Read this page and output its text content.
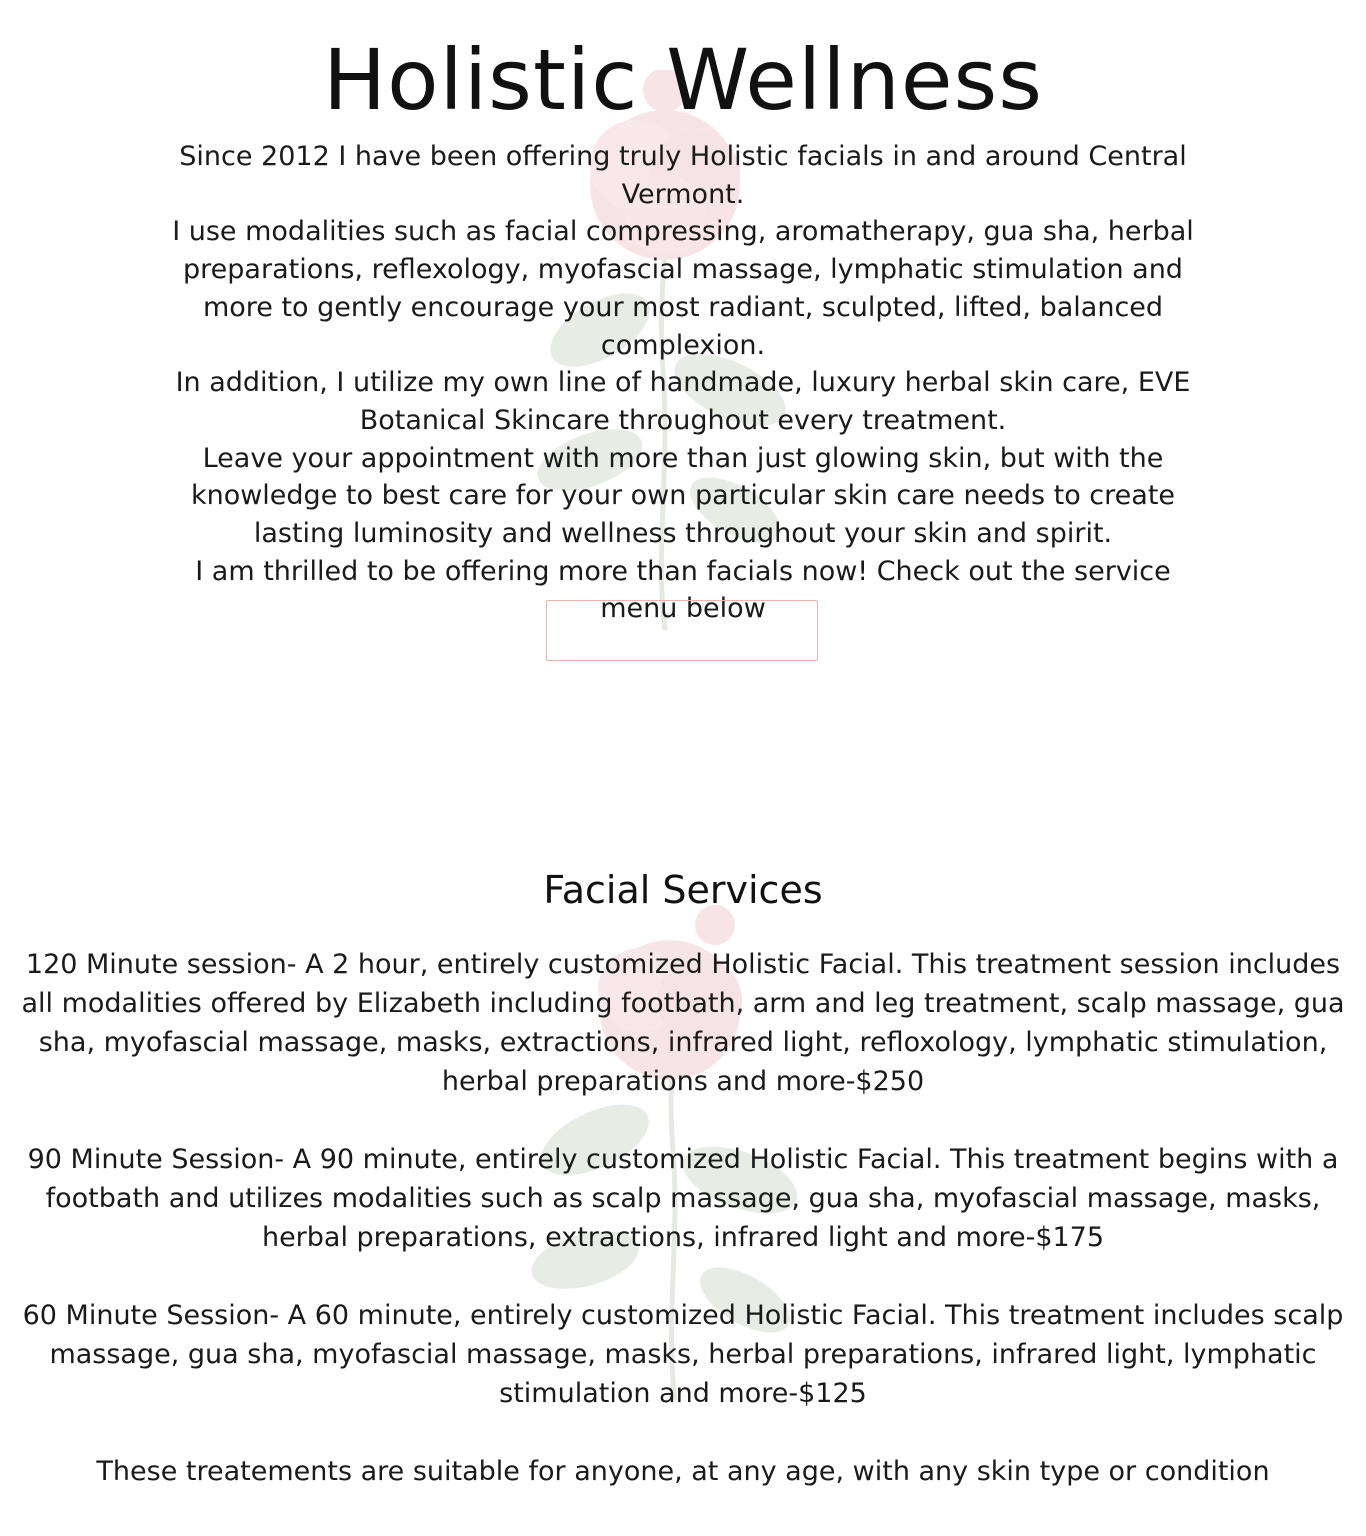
Holistic Wellness

Since 2012 I have been offering truly Holistic facials in and around Central Vermont.

I use modalities such as facial compressing, aromatherapy, gua sha, herbal preparations, reflexology, myofascial massage, lymphatic stimulation and more to gently encourage your most radiant, sculpted, lifted, balanced complexion.

In addition, I utilize my own line of handmade, luxury herbal skin care, EVE Botanical Skincare throughout every treatment.

Leave your appointment with more than just glowing skin, but with the knowledge to best care for your own particular skin care needs to create lasting luminosity and wellness throughout your skin and spirit.

I am thrilled to be offering more than facials now! Check out the service menu below

Facial Services

120 Minute session- A 2 hour, entirely customized Holistic Facial. This treatment session includes all modalities offered by Elizabeth including footbath, arm and leg treatment, scalp massage, gua sha, myofascial massage, masks, extractions, infrared light, refloxology, lymphatic stimulation, herbal preparations and more-$250

90 Minute Session- A 90 minute, entirely customized Holistic Facial. This treatment begins with a footbath and utilizes modalities such as scalp massage, gua sha, myofascial massage, masks, herbal preparations, extractions, infrared light and more-$175

60 Minute Session- A 60 minute, entirely customized Holistic Facial. This treatment includes scalp massage, gua sha, myofascial massage, masks, herbal preparations, infrared light, lymphatic stimulation and more-$125

These treatements are suitable for anyone, at any age, with any skin type or condition
